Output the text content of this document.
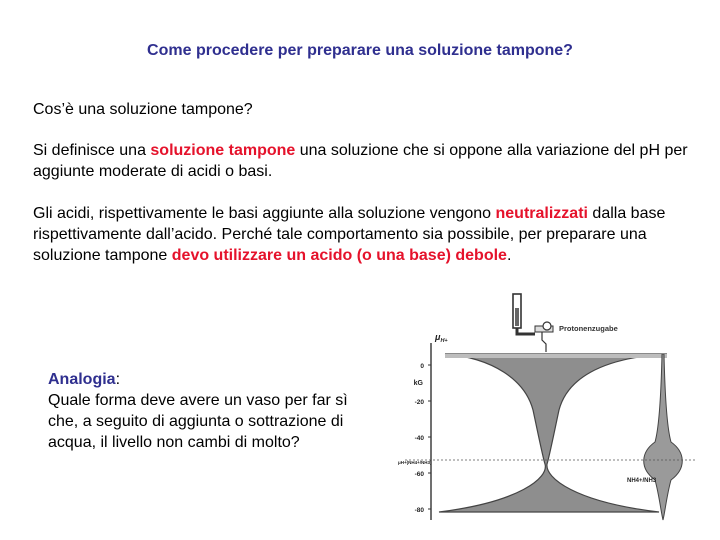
Come procedere per preparare una soluzione tampone?
Cos’è una soluzione tampone?
Si definisce una soluzione tampone una soluzione che si oppone alla variazione del pH per aggiunte moderate di acidi o basi.
Gli acidi, rispettivamente le basi aggiunte alla soluzione vengono neutralizzati dalla base rispettivamente dall’acido. Perché tale comportamento sia possibile, per preparare una soluzione tampone devo utilizzare un acido (o una base) debole.
Analogia:
Quale forma deve avere un vaso per far sì che, a seguito di aggiunta o sottrazione di acqua, il livello non cambi di molto?
Protonenzugabe
$\mu_{H+}$
kG
0
-20
-40
-60
-80
μH+(NH4+/NH3)
NH4+/NH3
